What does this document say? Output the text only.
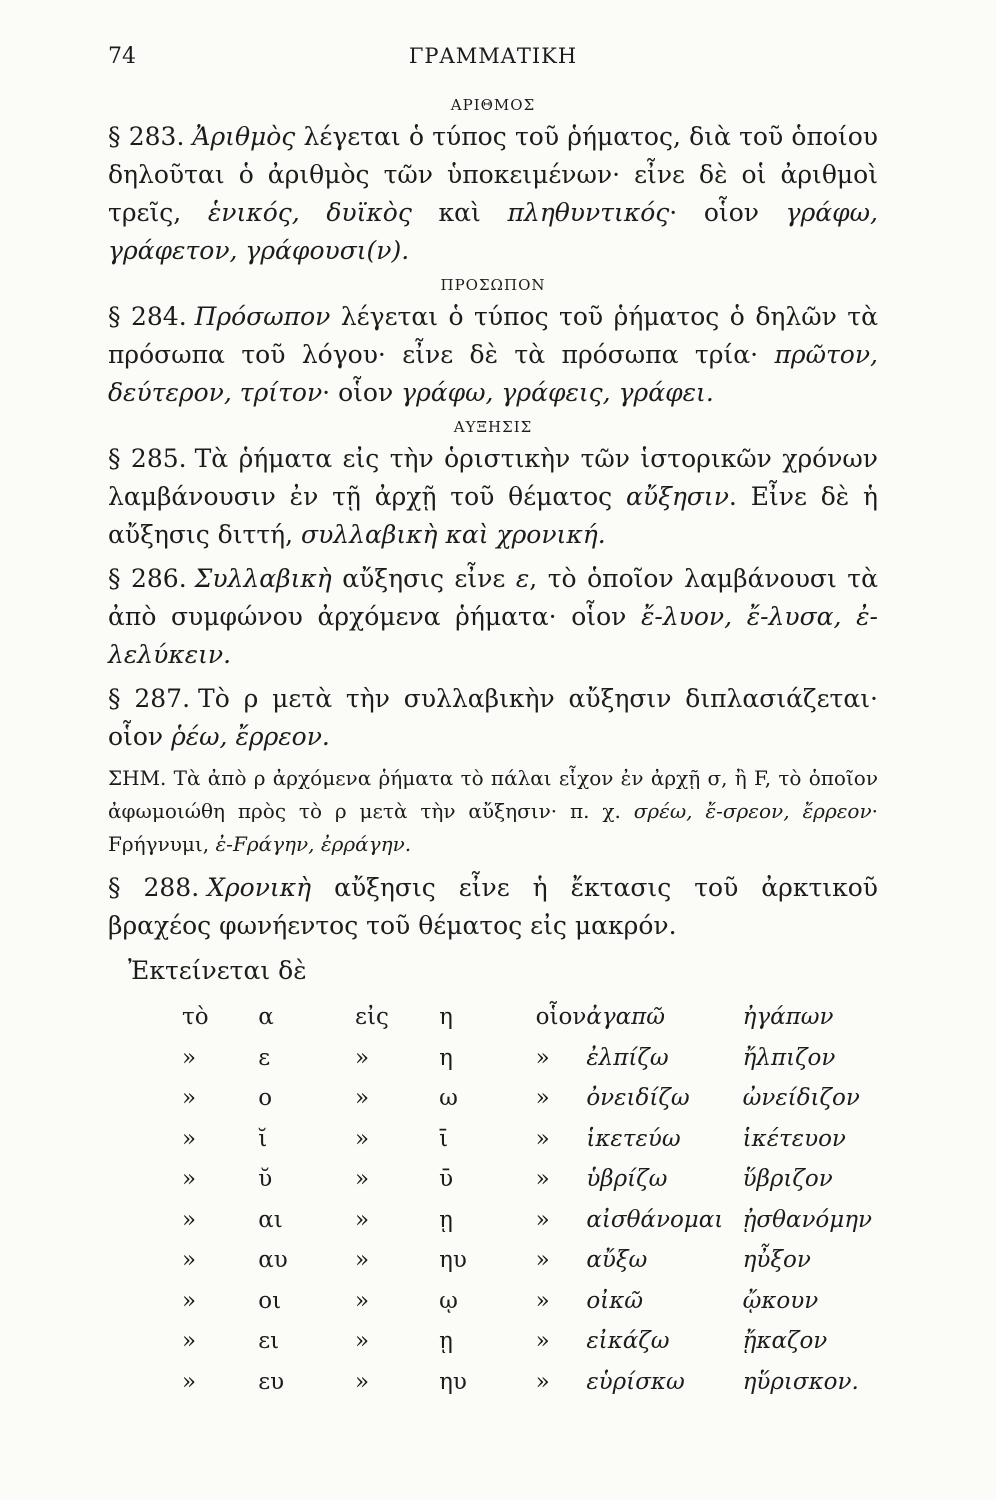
74	ΓΡΑΜΜΑΤΙΚΗ
ΑΡΙΘΜΟΣ

§ 283. Ἀριθμὸς λέγεται ὁ τύπος τοῦ ῥήματος, διὰ τοῦ ὁποίου δηλοῦται ὁ ἀριθμὸς τῶν ὑποκειμένων· εἶνε δὲ οἱ ἀριθμοὶ τρεῖς, ἑνικός, δυϊκὸς καὶ πληθυντικός· οἷον γράφω, γράφετον, γράφουσι(ν).

ΠΡΟΣΩΠΟΝ

§ 284. Πρόσωπον λέγεται ὁ τύπος τοῦ ῥήματος ὁ δηλῶν τὰ πρόσωπα τοῦ λόγου· εἶνε δὲ τὰ πρόσωπα τρία· πρῶτον, δεύτερον, τρίτον· οἷον γράφω, γράφεις, γράφει.

ΑΥΞΗΣΙΣ

§ 285. Τὰ ῥήματα εἰς τὴν ὁριστικὴν τῶν ἱστορικῶν χρόνων λαμβάνουσιν ἐν τῇ ἀρχῇ τοῦ θέματος αὔξησιν. Εἶνε δὲ ἡ αὔξησις διττή, συλλαβικὴ καὶ χρονική.

§ 286. Συλλαβικὴ αὔξησις εἶνε ε, τὸ ὁποῖον λαμβάνουσι τὰ ἀπὸ συμφώνου ἀρχόμενα ῥήματα· οἷον ἔ-λυον, ἔ-λυσα, ἐ-λελύκειν.

§ 287. Τὸ ρ μετὰ τὴν συλλαβικὴν αὔξησιν διπλασιάζεται· οἷον ῥέω, ἔρρεον.

ΣΗΜ. Τὰ ἀπὸ ρ ἀρχόμενα ῥήματα τὸ πάλαι εἶχον ἐν ἀρχῇ σ, ἢ F, τὸ ὁποῖον ἀφωμοιώθη πρὸς τὸ ρ μετὰ τὴν αὔξησιν· π. χ. σρέω, ἔ-σρεον, ἔρρεον· Fρήγνυμι, ἐ-Fράγην, ἐρράγην.

§ 288. Χρονικὴ αὔξησις εἶνε ἡ ἔκτασις τοῦ ἀρκτικοῦ βραχέος φωνήεντος τοῦ θέματος εἰς μακρόν.

Ἐκτείνεται δὲ
τὸ	α	εἰς	η	οἷον	ἀγαπῶ	ἠγάπων
»	ε	»	η	»	ἐλπίζω	ἤλπιζον
»	ο	»	ω	»	ὀνειδίζω	ὠνείδιζον
»	ῐ	»	ῑ	»	ἱκετεύω	ἱκέτευον
»	ῠ	»	ῡ	»	ὑβρίζω	ὕβριζον
»	αι	»	ῃ	»	αἰσθάνομαι	ᾐσθανόμην
»	αυ	»	ηυ	»	αὔξω	ηὖξον
»	οι	»	ῳ	»	οἰκῶ	ᾤκουν
»	ει	»	ῃ	»	εἰκάζω	ᾔκαζον
»	ευ	»	ηυ	»	εὑρίσκω	ηὕρισκον.
